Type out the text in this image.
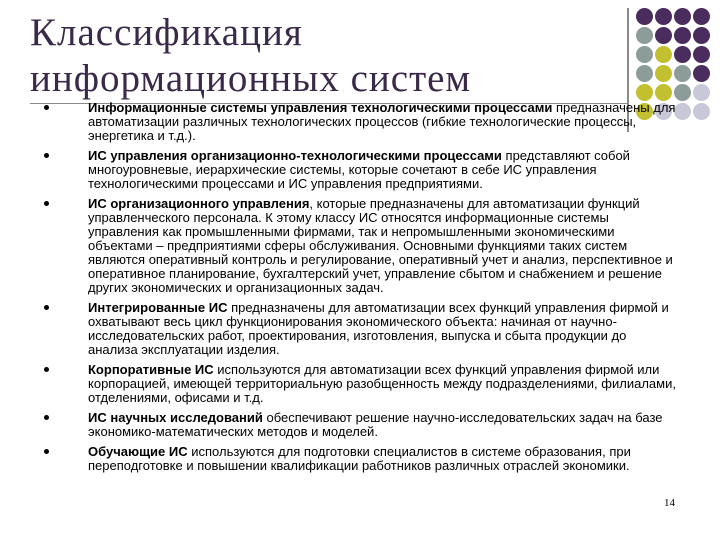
Классификация
информационных систем
Информационные системы управления технологическими процессами предназначены для автоматизации различных технологических процессов (гибкие технологические процессы, энергетика и т.д.).
ИС управления организационно-технологическими процессами представляют собой многоуровневые, иерархические системы, которые сочетают в себе ИС управления технологическими процессами и ИС управления предприятиями.
ИС организационного управления, которые предназначены для автоматизации функций управленческого персонала. К этому классу ИС относятся информационные системы управления как промышленными фирмами, так и непромышленными экономическими объектами – предприятиями сферы обслуживания. Основными функциями таких систем являются оперативный контроль и регулирование, оперативный учет и анализ, перспективное и оперативное планирование, бухгалтерский учет, управление сбытом и снабжением и решение других экономических и организационных задач.
Интегрированные ИС предназначены для автоматизации всех функций управления фирмой и охватывают весь цикл функционирования экономического объекта: начиная от научно-исследовательских работ, проектирования, изготовления, выпуска и сбыта продукции до анализа эксплуатации изделия.
Корпоративные ИС используются для автоматизации всех функций управления фирмой или корпорацией, имеющей территориальную разобщенность между подразделениями, филиалами, отделениями, офисами и т.д.
ИС научных исследований обеспечивают решение научно-исследовательских задач на базе экономико-математических методов и моделей.
Обучающие ИС используются для подготовки специалистов в системе образования, при переподготовке и повышении квалификации работников различных отраслей экономики.
14
